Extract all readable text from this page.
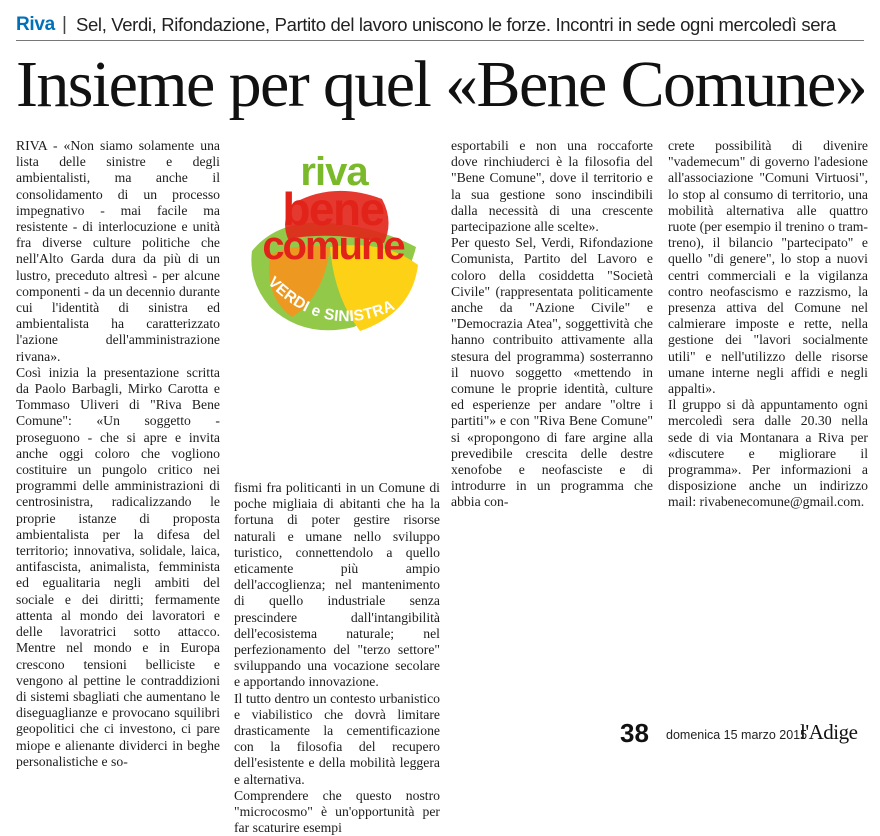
Riva | Sel, Verdi, Rifondazione, Partito del lavoro uniscono le forze. Incontri in sede ogni mercoledì sera
Insieme per quel «Bene Comune»

RIVA - «Non siamo solamente una lista delle sinistre e degli ambientalisti, ma anche il consolidamento di un processo impegnativo - mai facile ma resistente - di interlocuzione e unità fra diverse culture politiche che nell'Alto Garda dura da più di un lustro, preceduto altresì - per alcune componenti - da un decennio durante cui l'identità di sinistra ed ambientalista ha caratterizzato l'azione dell'amministrazione rivana».

Così inizia la presentazione scritta da Paolo Barbagli, Mirko Carotta e Tommaso Uliveri di "Riva Bene Comune": «Un soggetto - proseguono - che si apre e invita anche oggi coloro che vogliono costituire un pungolo critico nei programmi delle amministrazioni di centrosinistra, radicalizzando le proprie istanze di proposta ambientalista per la difesa del territorio; innovativa, solidale, laica, antifascista, animalista, femminista ed egualitaria negli ambiti del sociale e dei diritti; fermamente attenta al mondo dei lavoratori e delle lavoratrici sotto attacco. Mentre nel mondo e in Europa crescono tensioni belliciste e vengono al pettine le contraddizioni di sistemi sbagliati che aumentano le diseguaglianze e provocano squilibri geopolitici che ci investono, ci pare miope e alienante dividerci in beghe personalistiche e so-

riva
bene
comune
VERDI e SINISTRA

fismi fra politicanti in un Comune di poche migliaia di abitanti che ha la fortuna di poter gestire risorse naturali e umane nello sviluppo turistico, connettendolo a quello eticamente più ampio dell'accoglienza; nel mantenimento di quello industriale senza prescindere dall'intangibilità dell'ecosistema naturale; nel perfezionamento del "terzo settore" sviluppando una vocazione secolare e apportando innovazione.

Il tutto dentro un contesto urbanistico e viabilistico che dovrà limitare drasticamente la cementificazione con la filosofia del recupero dell'esistente e della mobilità leggera e alternativa.

Comprendere che questo nostro "microcosmo" è un'opportunità per far scaturire esempi

esportabili e non una roccaforte dove rinchiuderci è la filosofia del "Bene Comune", dove il territorio e la sua gestione sono inscindibili dalla necessità di una crescente partecipazione alle scelte».

Per questo Sel, Verdi, Rifondazione Comunista, Partito del Lavoro e coloro della cosiddetta "Società Civile" (rappresentata politicamente anche da "Azione Civile" e "Democrazia Atea", soggettività che hanno contribuito attivamente alla stesura del programma) sosterranno il nuovo soggetto «mettendo in comune le proprie identità, culture ed esperienze per andare "oltre i partiti"» e con "Riva Bene Comune" si «propongono di fare argine alla prevedibile crescita delle destre xenofobe e neofasciste e di introdurre in un programma che abbia con-

crete possibilità di divenire "vademecum" di governo l'adesione all'associazione "Comuni Virtuosi", lo stop al consumo di territorio, una mobilità alternativa alle quattro ruote (per esempio il trenino o tram-treno), il bilancio "partecipato" e quello "di genere", lo stop a nuovi centri commerciali e la vigilanza contro neofascismo e razzismo, la presenza attiva del Comune nel calmierare imposte e rette, nella gestione dei "lavori socialmente utili" e nell'utilizzo delle risorse umane interne negli affidi e negli appalti».

Il gruppo si dà appuntamento ogni mercoledì sera dalle 20.30 nella sede di via Montanara a Riva per «discutere e migliorare il programma». Per informazioni a disposizione anche un indirizzo mail: rivabenecomune@gmail.com.

38 domenica 15 marzo 2015
l'Adige
